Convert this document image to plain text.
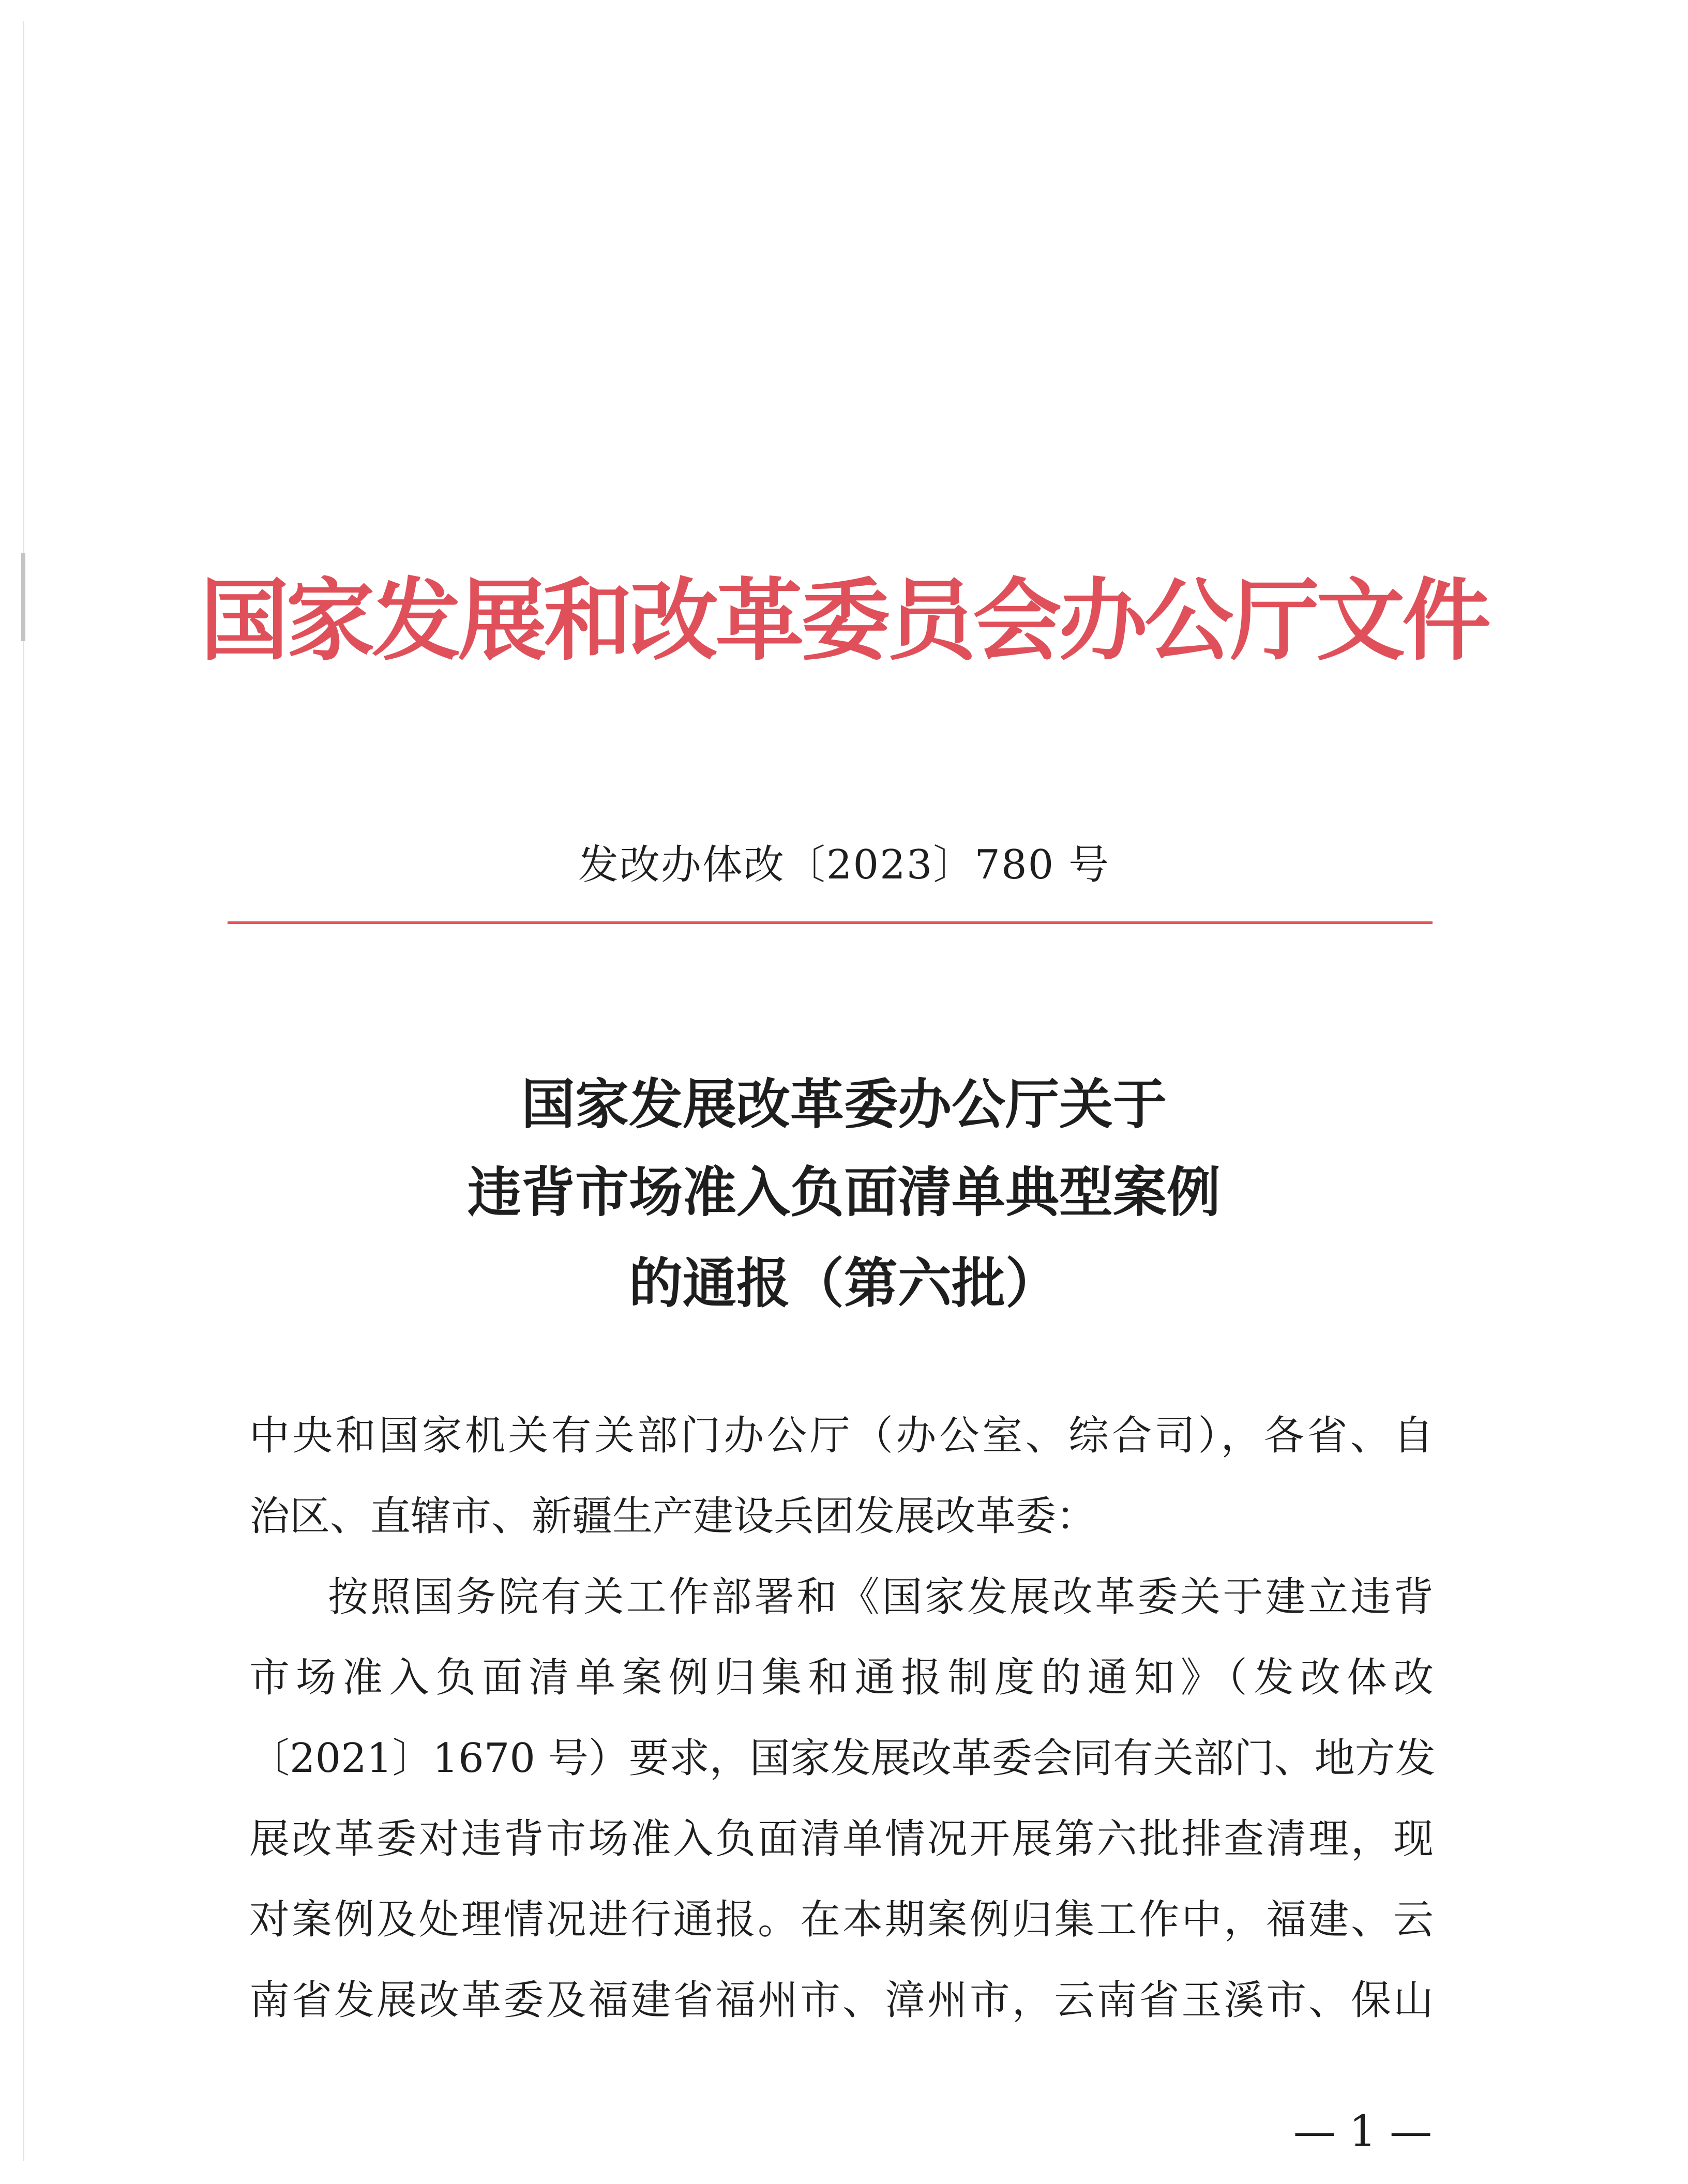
国家发展和改革委员会办公厅文件
发改办体改〔2023〕780 号
国家发展改革委办公厅关于
违背市场准入负面清单典型案例
的通报（第六批）
中央和国家机关有关部门办公厅（办公室、综合司），各省、自
治区、直辖市、新疆生产建设兵团发展改革委：
按照国务院有关工作部署和《国家发展改革委关于建立违背
市场准入负面清单案例归集和通报制度的通知》（发改体改
〔2021〕1670 号）要求，国家发展改革委会同有关部门、地方发
展改革委对违背市场准入负面清单情况开展第六批排查清理，现
对案例及处理情况进行通报。在本期案例归集工作中，福建、云
南省发展改革委及福建省福州市、漳州市，云南省玉溪市、保山
— 1 —
